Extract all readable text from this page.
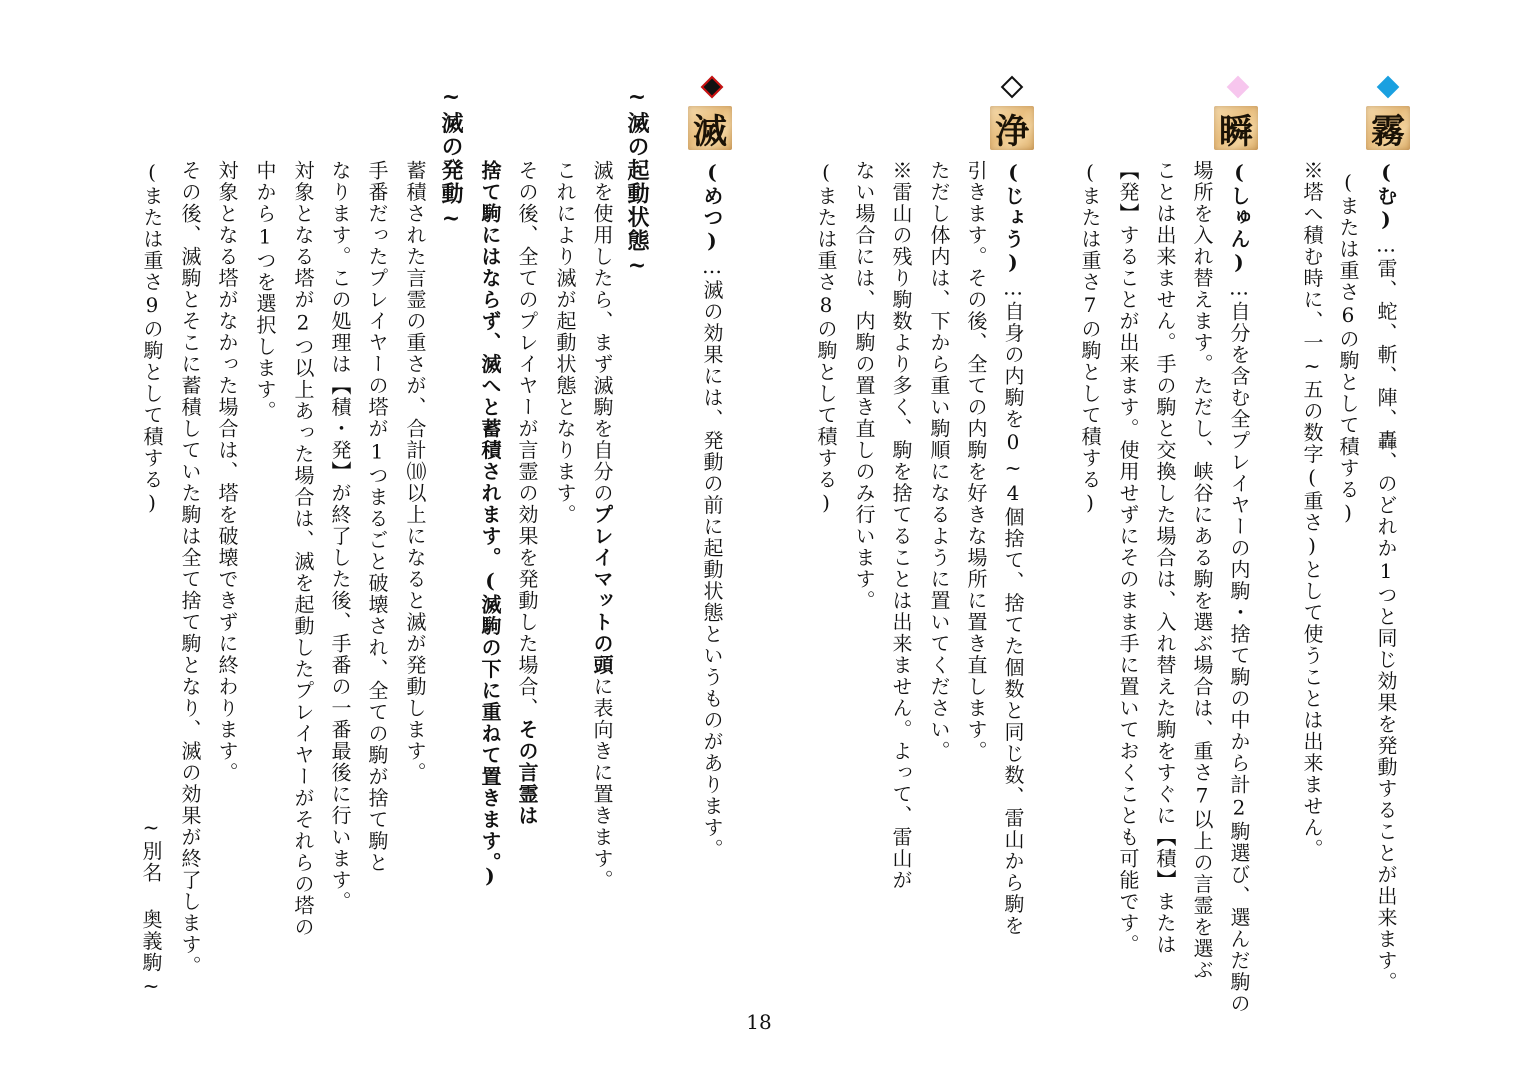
霧
(む)…雷、蛇、斬、陣、轟、のどれか1つと同じ効果を発動することが出来ます。
(または重さ6の駒として積する)
※塔へ積む時に、一~五の数字(重さ)として使うことは出来ません。
瞬
(しゅん)…自分を含む全プレイヤーの内駒・捨て駒の中から計2駒選び、選んだ駒の
場所を入れ替えます。ただし、峡谷にある駒を選ぶ場合は、重さ7以上の言霊を選ぶ
ことは出来ません。手の駒と交換した場合は、入れ替えた駒をすぐに【積】または
【発】することが出来ます。使用せずにそのまま手に置いておくことも可能です。
(または重さ7の駒として積する)
浄
(じょう)…自身の内駒を0~4個捨て、捨てた個数と同じ数、雷山から駒を
引きます。その後、全ての内駒を好きな場所に置き直します。
ただし体内は、下から重い駒順になるように置いてください。
※雷山の残り駒数より多く、駒を捨てることは出来ません。よって、雷山が
ない場合には、内駒の置き直しのみ行います。
(または重さ8の駒として積する)
滅
(めつ)…滅の効果には、発動の前に起動状態というものがあります。
~滅の起動状態~
滅を使用したら、まず滅駒を自分のプレイマットの頭に表向きに置きます。
これにより滅が起動状態となります。
その後、全てのプレイヤーが言霊の効果を発動した場合、その言霊は
捨て駒にはならず、滅へと蓄積されます。(滅駒の下に重ねて置きます。)
~滅の発動~
蓄積された言霊の重さが、合計⑽以上になると滅が発動します。
手番だったプレイヤーの塔が1つまるごと破壊され、全ての駒が捨て駒と
なります。この処理は【積・発】が終了した後、手番の一番最後に行います。
対象となる塔が2つ以上あった場合は、滅を起動したプレイヤーがそれらの塔の
中から1つを選択します。
対象となる塔がなかった場合は、塔を破壊できずに終わります。
その後、滅駒とそこに蓄積していた駒は全て捨て駒となり、滅の効果が終了します。
(または重さ9の駒として積する)
~別名 奥義駒~
18
